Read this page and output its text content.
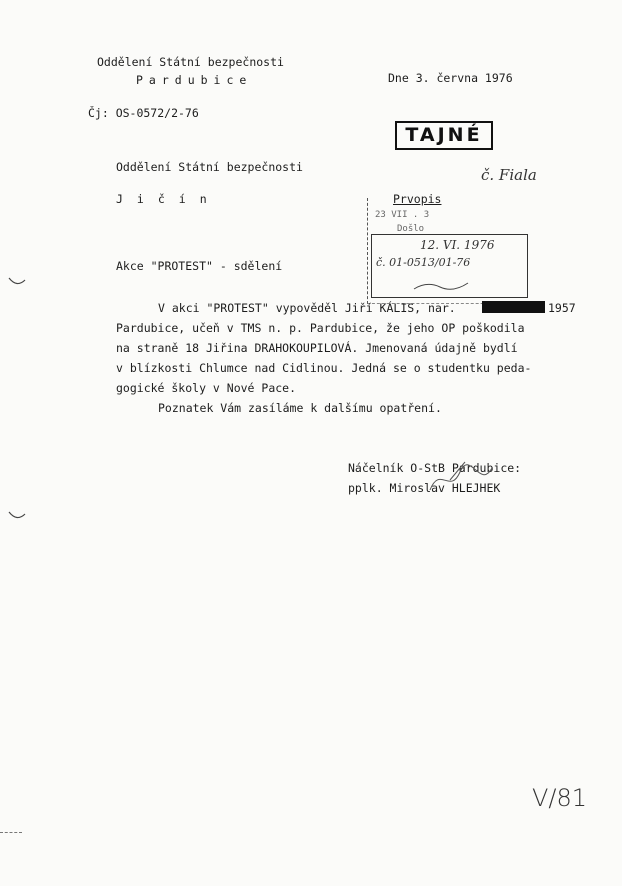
Oddělení Státní bezpečnosti
Pardubice	Dne 3. června 1976
Čj: OS-0572/2-76
TAJNÉ
č. Fiala
Oddělení Státní bezpečnosti
Jičín	Prvopis
23 VII . 3
Došlo
12. VI. 1976
č. 01-0513/01-76
Akce "PROTEST" - sdělení
V akci "PROTEST" vypověděl Jiří KÁLIS, nar.	1957
Pardubice, učeň v TMS n. p. Pardubice, že jeho OP poškodila
na straně 18 Jiřina DRAHOKOUPILOVÁ. Jmenovaná údajně bydlí
v blízkosti Chlumce nad Cidlinou. Jedná se o studentku peda-
gogické školy v Nové Pace.
Poznatek Vám zasíláme k dalšímu opatření.
Náčelník O-StB Pardubice:
pplk. Miroslav HLEJHEK
V/81
